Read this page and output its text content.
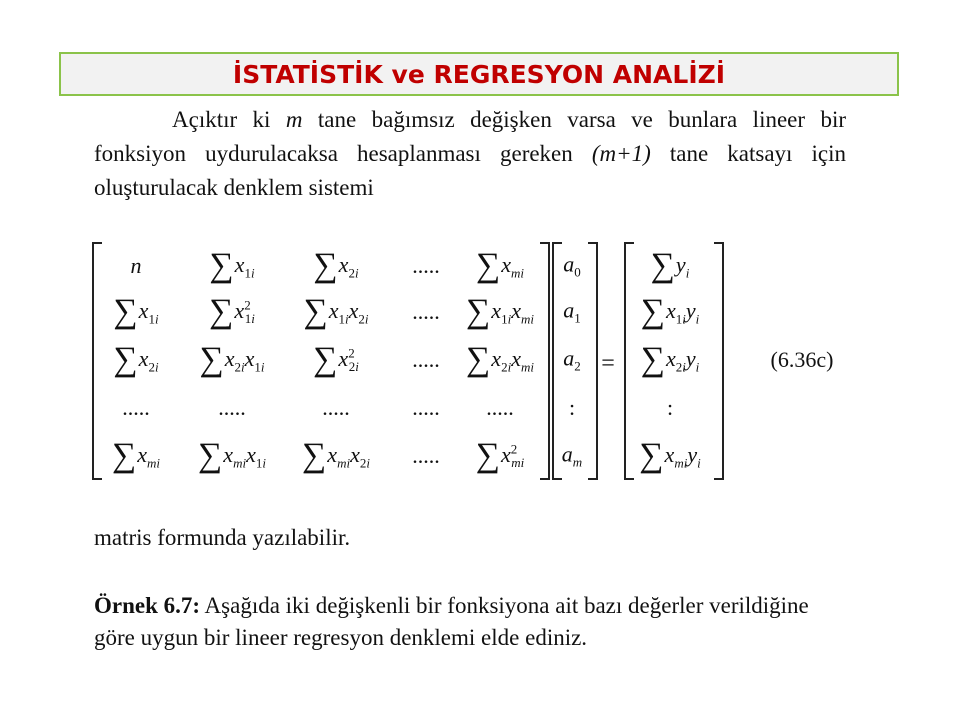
İSTATİSTİK ve REGRESYON ANALİZİ
Açıktır ki m tane bağımsız değişken varsa ve bunlara lineer bir fonksiyon uydurulacaksa hesaplanması gereken (m+1) tane katsayı için oluşturulacak denklem sistemi
n $\sum x_{1i}$ $\sum x_{2i}$ ..... $\sum x_{mi}$
$\sum x_{1i}$ $\sum x^2_{1i}$ $\sum x_{1i}x_{2i}$ ..... $\sum x_{1i}x_{mi}$
$\sum x_{2i}$ $\sum x_{2i}x_{1i}$ $\sum x^2_{2i}$ ..... $\sum x_{2i}x_{mi}$
.....	.....	.....	..... .....
$\sum x_{mi}$ $\sum x_{mi}x_{1i}$ $\sum x_{mi}x_{2i}$ ..... $\sum x^2_{mi}$
$a_0$
$a_1$
$a_2$
:
$a_m$
=
$\sum y_i$
$\sum x_{1i}y_i$
$\sum x_{2i}y_i$
:
$\sum x_{mi}y_i$
(6.36c)
matris formunda yazılabilir.
Örnek 6.7: Aşağıda iki değişkenli bir fonksiyona ait bazı değerler verildiğine göre uygun bir lineer regresyon denklemi elde ediniz.
